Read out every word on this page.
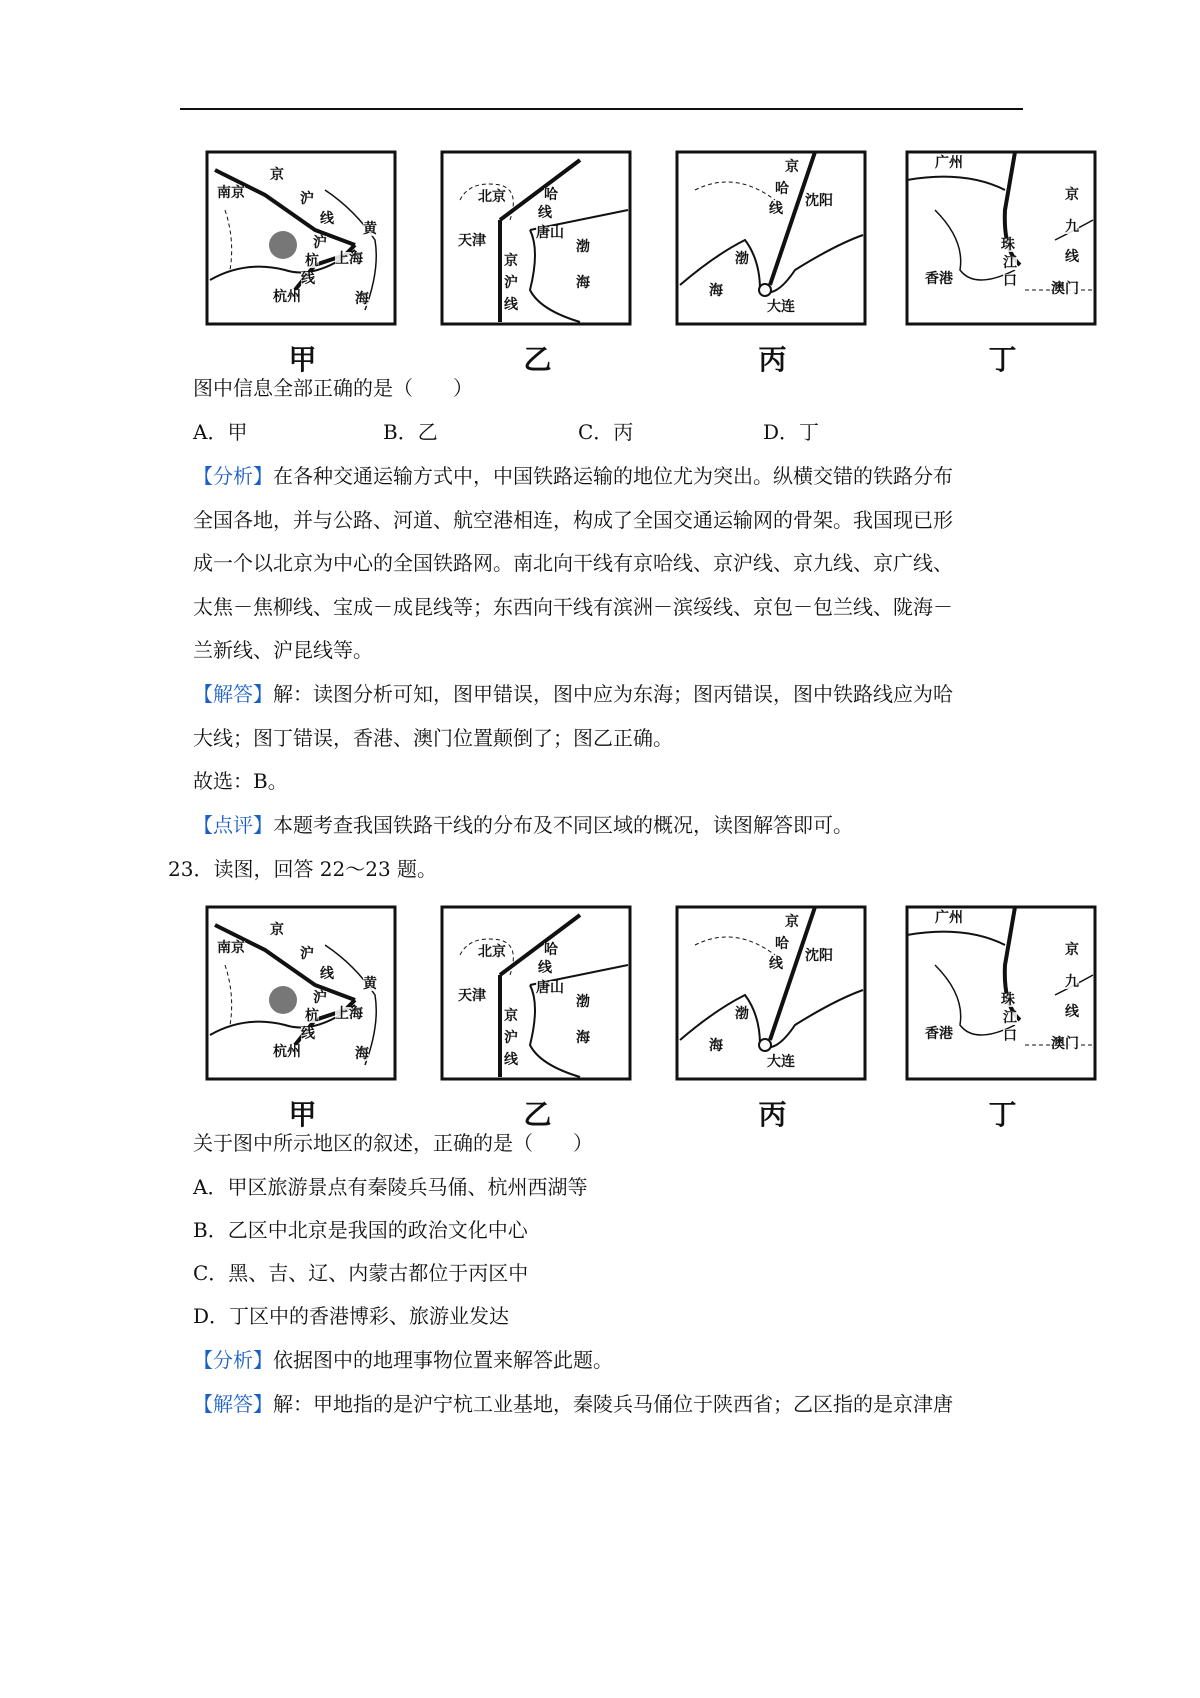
南京
京
沪
线
沪
杭
线
上海
杭州
黄
海
甲
北京	哈
线
唐山
天津
京
沪
线
渤
海
乙
京
哈
线 沈阳
渤
海
大连
丙
广州
京
九
线
珠
江
口
香港
澳门
丁
图中信息全部正确的是（　　）
A．甲	B．乙	C．丙	D．丁
【分析】在各种交通运输方式中，中国铁路运输的地位尤为突出。纵横交错的铁路分布
全国各地，并与公路、河道、航空港相连，构成了全国交通运输网的骨架。我国现已形
成一个以北京为中心的全国铁路网。南北向干线有京哈线、京沪线、京九线、京广线、
太焦－焦柳线、宝成－成昆线等；东西向干线有滨洲－滨绥线、京包－包兰线、陇海－
兰新线、沪昆线等。
【解答】解：读图分析可知，图甲错误，图中应为东海；图丙错误，图中铁路线应为哈
大线；图丁错误，香港、澳门位置颠倒了；图乙正确。
故选：B。
【点评】本题考查我国铁路干线的分布及不同区域的概况，读图解答即可。
23．读图，回答 22～23 题。
南京
京
沪
线
沪
杭
线
上海
杭州
黄
海
甲
北京	哈
线
唐山
天津
京
沪
线
渤
海
乙
京
哈
线 沈阳
渤
海
大连
丙
广州
京
九
线
珠
江
口
香港
澳门
丁
关于图中所示地区的叙述，正确的是（　　）
A．甲区旅游景点有秦陵兵马俑、杭州西湖等
B．乙区中北京是我国的政治文化中心
C．黑、吉、辽、内蒙古都位于丙区中
D．丁区中的香港博彩、旅游业发达
【分析】依据图中的地理事物位置来解答此题。
【解答】解：甲地指的是沪宁杭工业基地，秦陵兵马俑位于陕西省；乙区指的是京津唐
